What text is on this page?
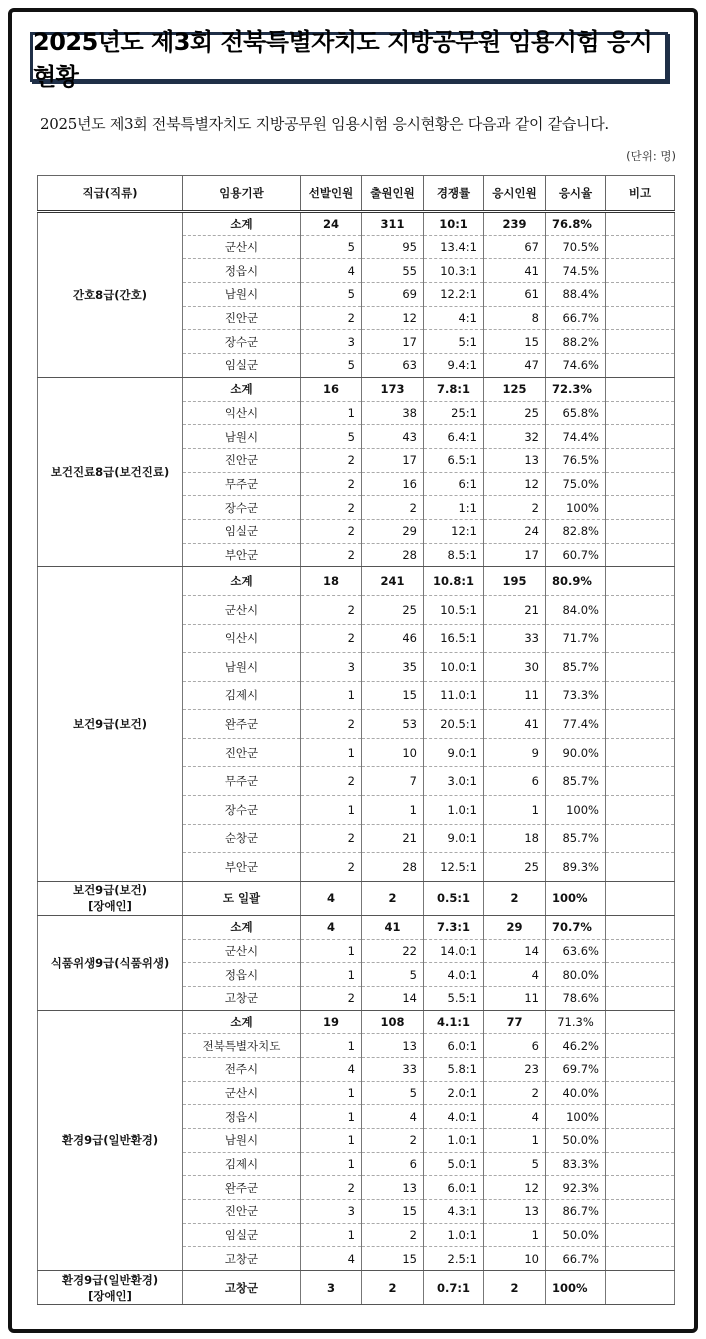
2025년도 제3회 전북특별자치도 지방공무원 임용시험 응시현황
2025년도 제3회 전북특별자치도 지방공무원 임용시험 응시현황은 다음과 같이 같습니다.
(단위: 명)
직급(직류)	임용기관	선발인원	출원인원	경쟁률	응시인원	응시율	비고
간호8급(간호)	소계	24	311	10:1	239	76.8%	
	군산시	5	95	13.4:1	67	70.5%	
	정읍시	4	55	10.3:1	41	74.5%	
	남원시	5	69	12.2:1	61	88.4%	
	진안군	2	12	4:1	8	66.7%	
	장수군	3	17	5:1	15	88.2%	
	임실군	5	63	9.4:1	47	74.6%	
보건진료8급(보건진료)	소계	16	173	7.8:1	125	72.3%	
	익산시	1	38	25:1	25	65.8%	
	남원시	5	43	6.4:1	32	74.4%	
	진안군	2	17	6.5:1	13	76.5%	
	무주군	2	16	6:1	12	75.0%	
	장수군	2	2	1:1	2	100%	
	임실군	2	29	12:1	24	82.8%	
	부안군	2	28	8.5:1	17	60.7%	
보건9급(보건)	소계	18	241	10.8:1	195	80.9%	
	군산시	2	25	10.5:1	21	84.0%	
	익산시	2	46	16.5:1	33	71.7%	
	남원시	3	35	10.0:1	30	85.7%	
	김제시	1	15	11.0:1	11	73.3%	
	완주군	2	53	20.5:1	41	77.4%	
	진안군	1	10	9.0:1	9	90.0%	
	무주군	2	7	3.0:1	6	85.7%	
	장수군	1	1	1.0:1	1	100%	
	순창군	2	21	9.0:1	18	85.7%	
	부안군	2	28	12.5:1	25	89.3%	
보건9급(보건)
[장애인]	도 일괄	4	2	0.5:1	2	100%	
식품위생9급(식품위생)	소계	4	41	7.3:1	29	70.7%	
	군산시	1	22	14.0:1	14	63.6%	
	정읍시	1	5	4.0:1	4	80.0%	
	고창군	2	14	5.5:1	11	78.6%	
환경9급(일반환경)	소계	19	108	4.1:1	77	71.3%	
	전북특별자치도	1	13	6.0:1	6	46.2%	
	전주시	4	33	5.8:1	23	69.7%	
	군산시	1	5	2.0:1	2	40.0%	
	정읍시	1	4	4.0:1	4	100%	
	남원시	1	2	1.0:1	1	50.0%	
	김제시	1	6	5.0:1	5	83.3%	
	완주군	2	13	6.0:1	12	92.3%	
	진안군	3	15	4.3:1	13	86.7%	
	임실군	1	2	1.0:1	1	50.0%	
	고창군	4	15	2.5:1	10	66.7%	
환경9급(일반환경)
[장애인]	고창군	3	2	0.7:1	2	100%	
